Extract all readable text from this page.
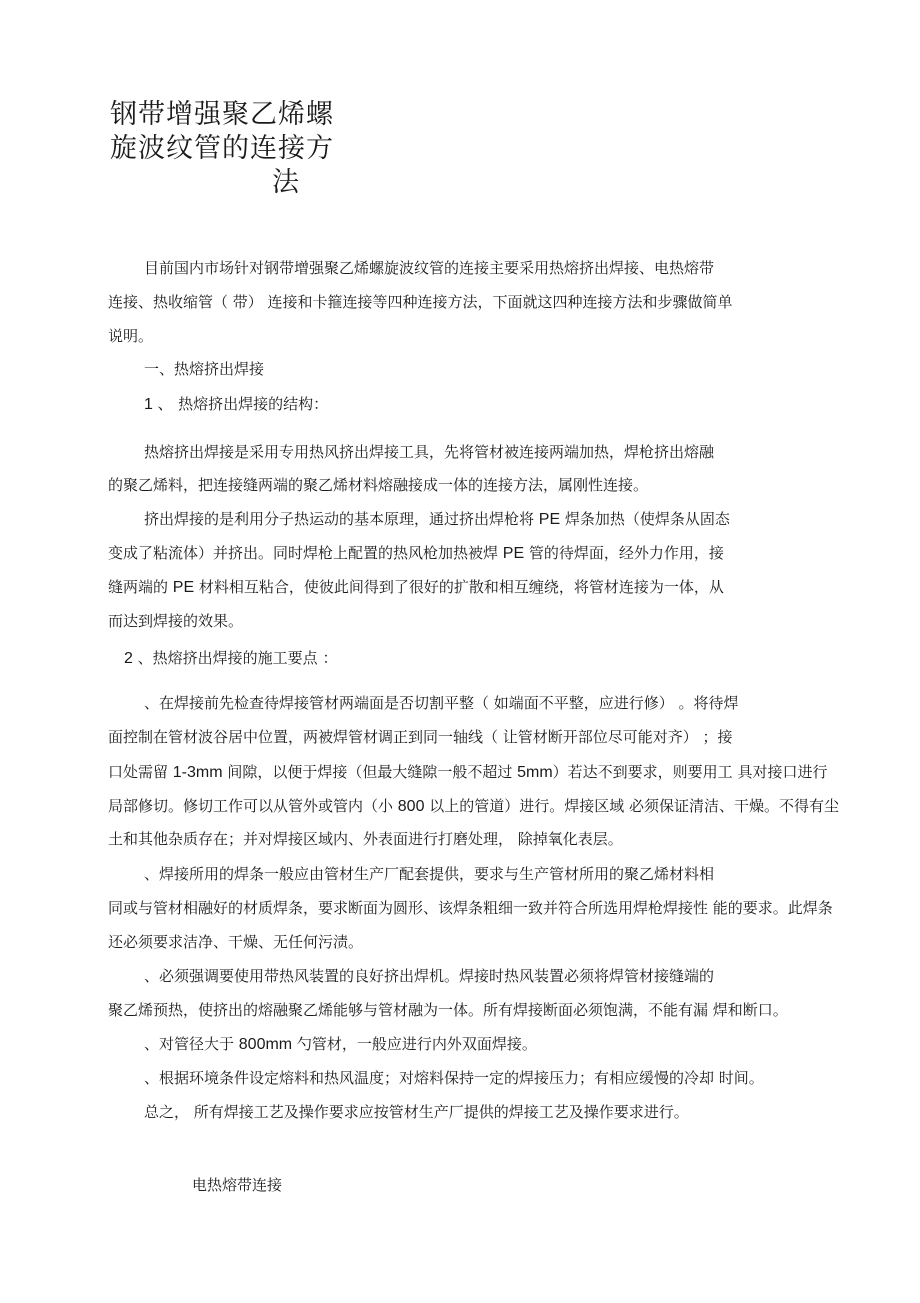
钢带增强聚乙烯螺
旋波纹管的连接方
法
目前国内市场针对钢带增强聚乙烯螺旋波纹管的连接主要采用热熔挤出焊接、电热熔带
连接、热收缩管（ 带） 连接和卡箍连接等四种连接方法，下面就这四种连接方法和步骤做简单
说明。
一、热熔挤出焊接
1 、 热熔挤出焊接的结构：
热熔挤出焊接是采用专用热风挤出焊接工具，先将管材被连接两端加热，焊枪挤出熔融
的聚乙烯料，把连接缝两端的聚乙烯材料熔融接成一体的连接方法，属刚性连接。
挤出焊接的是利用分子热运动的基本原理，通过挤出焊枪将 PE 焊条加热（使焊条从固态
变成了粘流体）并挤出。同时焊枪上配置的热风枪加热被焊 PE 管的待焊面，经外力作用，接
缝两端的 PE 材料相互粘合，使彼此间得到了很好的扩散和相互缠绕，将管材连接为一体，从
而达到焊接的效果。
2 、热熔挤出焊接的施工要点 ：
、在焊接前先检查待焊接管材两端面是否切割平整（ 如端面不平整，应进行修） 。将待焊
面控制在管材波谷居中位置，两被焊管材调正到同一轴线（ 让管材断开部位尽可能对齐） ；接
口处需留 1-3mm 间隙，以便于焊接（但最大缝隙一般不超过 5mm）若达不到要求，则要用工 具对接口进行
局部修切。修切工作可以从管外或管内（小 800 以上的管道）进行。焊接区域 必须保证清洁、干燥。不得有尘
土和其他杂质存在；并对焊接区域内、外表面进行打磨处理， 除掉氧化表层。
、焊接所用的焊条一般应由管材生产厂配套提供，要求与生产管材所用的聚乙烯材料相
同或与管材相融好的材质焊条，要求断面为圆形、该焊条粗细一致并符合所选用焊枪焊接性 能的要求。此焊条
还必须要求洁净、干燥、无任何污渍。
、必须强调要使用带热风装置的良好挤出焊机。焊接时热风装置必须将焊管材接缝端的
聚乙烯预热，使挤出的熔融聚乙烯能够与管材融为一体。所有焊接断面必须饱满，不能有漏 焊和断口。
、对管径大于 800mm 勺管材，一般应进行内外双面焊接。
、根据环境条件设定熔料和热风温度；对熔料保持一定的焊接压力；有相应缓慢的冷却 时间。
总之， 所有焊接工艺及操作要求应按管材生产厂提供的焊接工艺及操作要求进行。
电热熔带连接
